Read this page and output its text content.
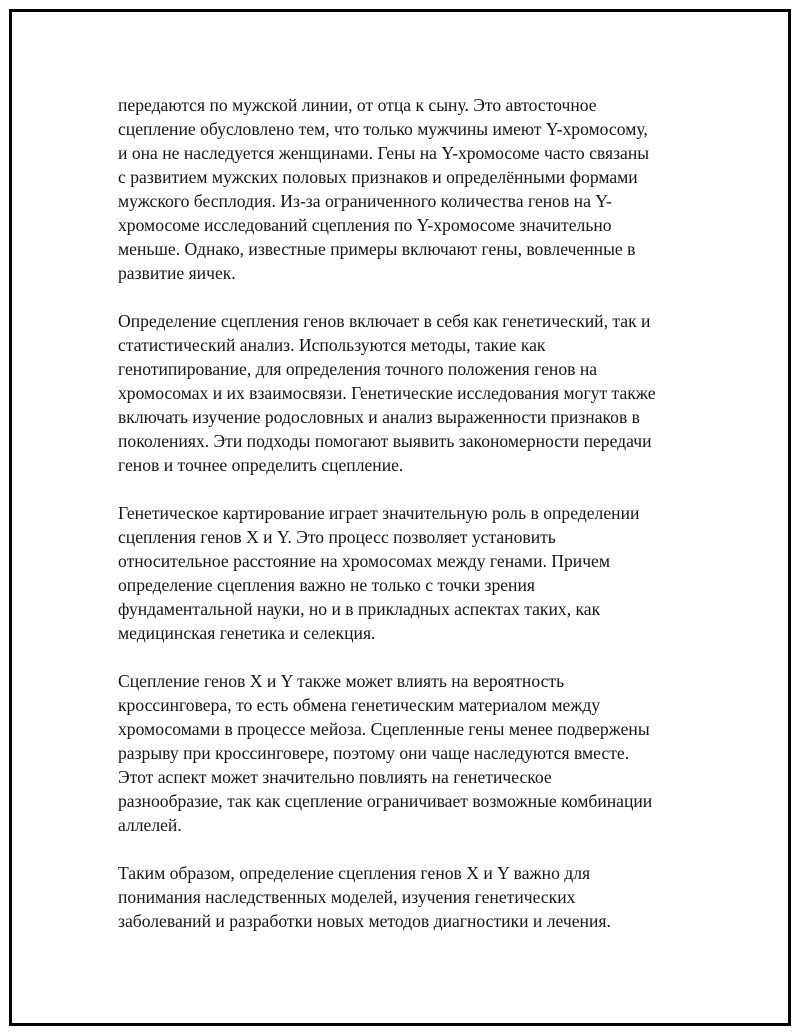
передаются по мужской линии, от отца к сыну. Это автосточное
сцепление обусловлено тем, что только мужчины имеют Y-хромосому,
и она не наследуется женщинами. Гены на Y-хромосоме часто связаны
с развитием мужских половых признаков и определёнными формами
мужского бесплодия. Из-за ограниченного количества генов на Y-
хромосоме исследований сцепления по Y-хромосоме значительно
меньше. Однако, известные примеры включают гены, вовлеченные в
развитие яичек.

Определение сцепления генов включает в себя как генетический, так и
статистический анализ. Используются методы, такие как
генотипирование, для определения точного положения генов на
хромосомах и их взаимосвязи. Генетические исследования могут также
включать изучение родословных и анализ выраженности признаков в
поколениях. Эти подходы помогают выявить закономерности передачи
генов и точнее определить сцепление.

Генетическое картирование играет значительную роль в определении
сцепления генов X и Y. Это процесс позволяет установить
относительное расстояние на хромосомах между генами. Причем
определение сцепления важно не только с точки зрения
фундаментальной науки, но и в прикладных аспектах таких, как
медицинская генетика и селекция.

Сцепление генов X и Y также может влиять на вероятность
кроссинговера, то есть обмена генетическим материалом между
хромосомами в процессе мейоза. Сцепленные гены менее подвержены
разрыву при кроссинговере, поэтому они чаще наследуются вместе.
Этот аспект может значительно повлиять на генетическое
разнообразие, так как сцепление ограничивает возможные комбинации
аллелей.

Таким образом, определение сцепления генов X и Y важно для
понимания наследственных моделей, изучения генетических
заболеваний и разработки новых методов диагностики и лечения.
